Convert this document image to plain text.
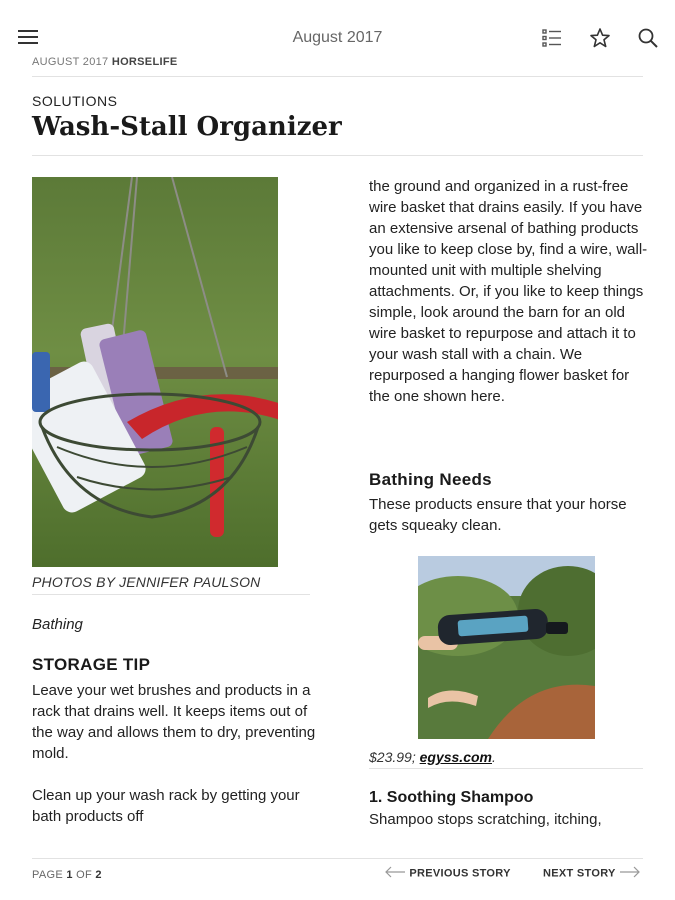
August 2017
AUGUST 2017 HORSELIFE
SOLUTIONS
Wash-Stall Organizer
PHOTOS BY JENNIFER PAULSON
Bathing
STORAGE TIP

Leave your wet brushes and products in a rack that drains well. It keeps items out of the way and allows them to dry, preventing mold.

Clean up your wash rack by getting your bath products off

the ground and organized in a rust-free wire basket that drains easily. If you have an extensive arsenal of bathing products you like to keep close by, find a wire, wall-mounted unit with multiple shelving attachments. Or, if you like to keep things simple, look around the barn for an old wire basket to repurpose and attach it to your wash stall with a chain. We repurposed a hanging flower basket for the one shown here.

Bathing Needs

These products ensure that your horse gets squeaky clean.

$23.99; egyss.com.
1. Soothing Shampoo

Shampoo stops scratching, itching,

PAGE 1 OF 2	PREVIOUS STORY	NEXT STORY
